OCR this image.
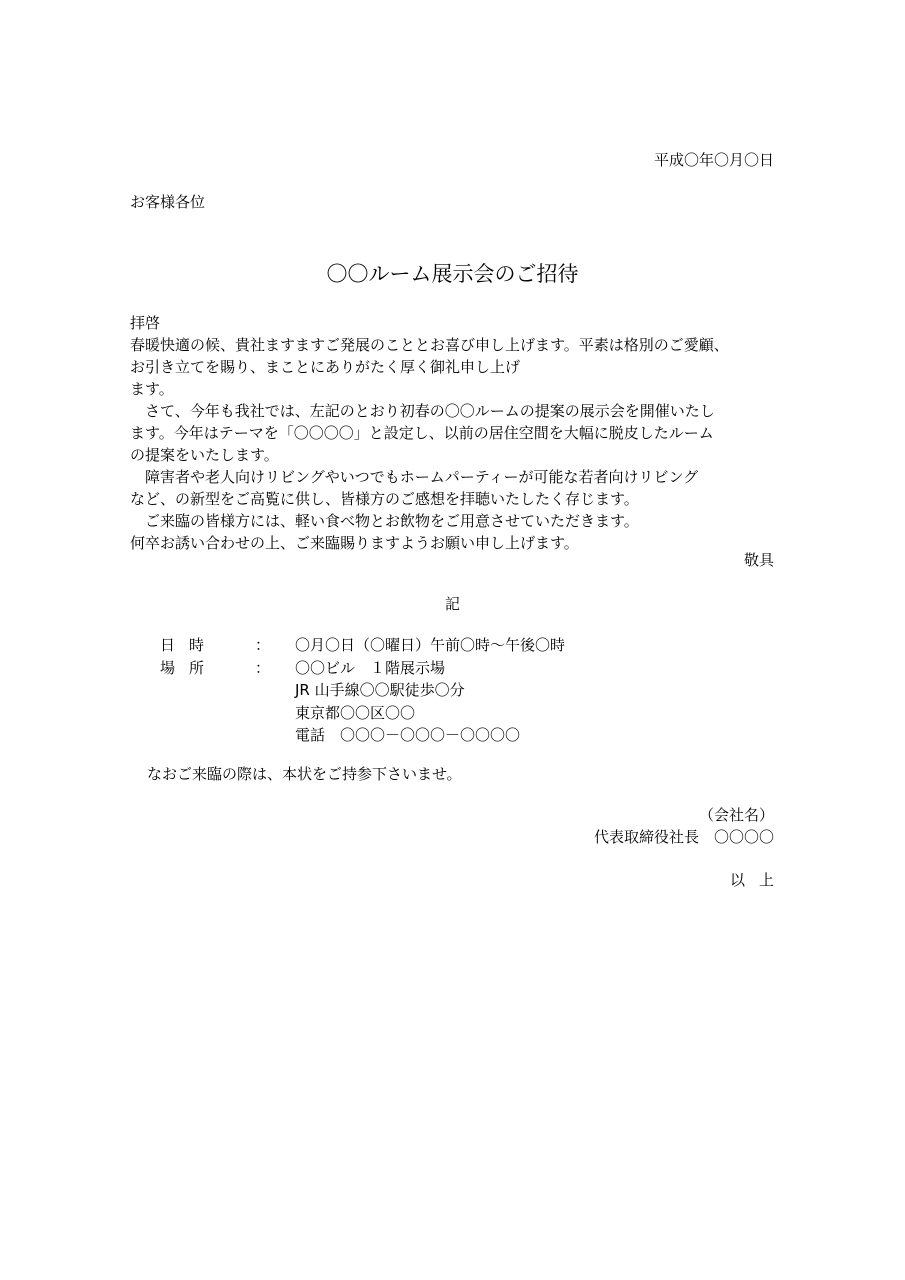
平成〇年〇月〇日
お客様各位
〇〇ルーム展示会のご招待
拝啓
春暖快適の候、貴社ますますご発展のこととお喜び申し上げます。平素は格別のご愛顧、
お引き立てを賜り、まことにありがたく厚く御礼申し上げ
ます。
　さて、今年も我社では、左記のとおり初春の〇〇ルームの提案の展示会を開催いたし
ます。今年はテーマを「〇〇〇〇」と設定し、以前の居住空間を大幅に脱皮したルーム
の提案をいたします。
　障害者や老人向けリビングやいつでもホームパーティーが可能な若者向けリビング
など、の新型をご高覧に供し、皆様方のご感想を拝聴いたしたく存じます。
　ご来臨の皆様方には、軽い食べ物とお飲物をご用意させていただきます。
何卒お誘い合わせの上、ご来臨賜りますようお願い申し上げます。
敬具
記
日時	： 〇月〇日（〇曜日）午前〇時～午後〇時
場所	： 〇〇ビル　１階展示場
JR 山手線〇〇駅徒歩〇分
東京都〇〇区〇〇
電話　〇〇〇－〇〇〇－〇〇〇〇
なおご来臨の際は、本状をご持参下さいませ。
（会社名）
代表取締役社長　〇〇〇〇
以上
